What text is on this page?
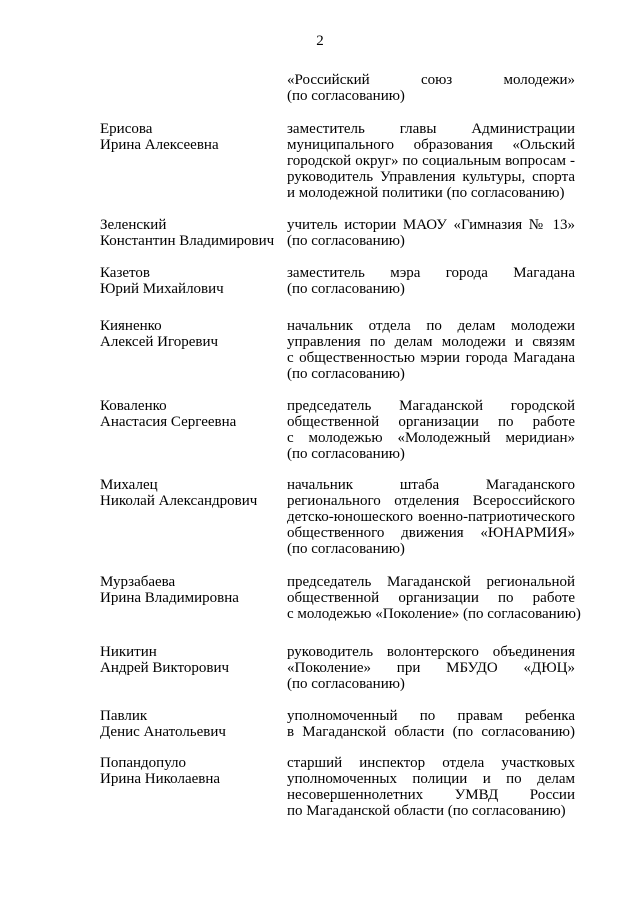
2
«Российский союз молодежи»
(по согласованию)
Ерисова
Ирина Алексеевна
заместитель главы Администрации
муниципального образования «Ольский
городской округ» по социальным вопросам -
руководитель Управления культуры, спорта
и молодежной политики (по согласованию)
Зеленский
Константин Владимирович
учитель истории МАОУ «Гимназия № 13»
(по согласованию)
Казетов
Юрий Михайлович
заместитель мэра города Магадана
(по согласованию)
Кияненко
Алексей Игоревич
начальник отдела по делам молодежи
управления по делам молодежи и связям
с общественностью мэрии города Магадана
(по согласованию)
Коваленко
Анастасия Сергеевна
председатель Магаданской городской
общественной организации по работе
с молодежью «Молодежный меридиан»
(по согласованию)
Михалец
Николай Александрович
начальник штаба Магаданского
регионального отделения Всероссийского
детско-юношеского военно-патриотического
общественного движения «ЮНАРМИЯ»
(по согласованию)
Мурзабаева
Ирина Владимировна
председатель Магаданской региональной
общественной организации по работе
с молодежью «Поколение» (по согласованию)
Никитин
Андрей Викторович
руководитель волонтерского объединения
«Поколение» при МБУДО «ДЮЦ»
(по согласованию)
Павлик
Денис Анатольевич
уполномоченный по правам ребенка
в Магаданской области (по согласованию)
Попандопуло
Ирина Николаевна
старший инспектор отдела участковых
уполномоченных полиции и по делам
несовершеннолетних УМВД России
по Магаданской области (по согласованию)
